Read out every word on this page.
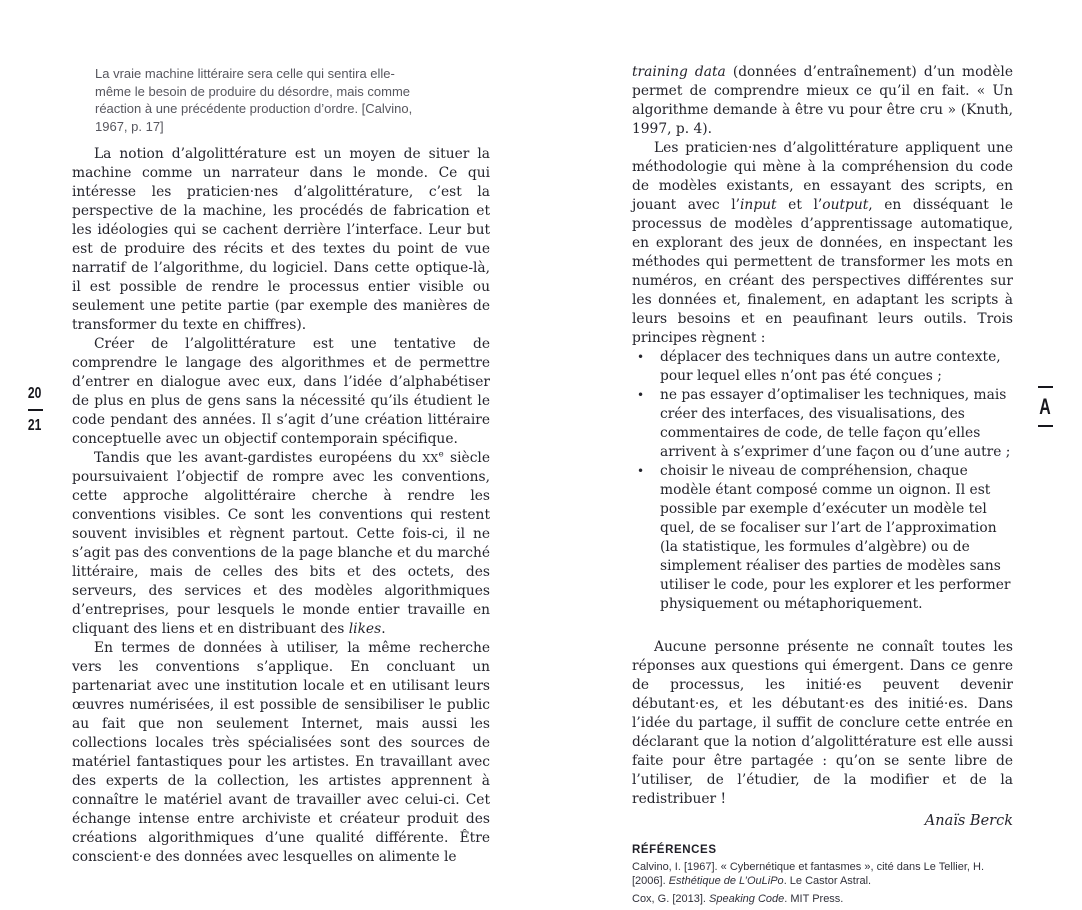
20
21
La vraie machine littéraire sera celle qui sentira elle-même le besoin de produire du désordre, mais comme réaction à une précédente production d’ordre. [Calvino, 1967, p. 17]

La notion d’algolittérature est un moyen de situer la machine comme un narrateur dans le monde. Ce qui intéresse les praticien·nes d’algolittérature, c’est la perspective de la machine, les procédés de fabrication et les idéologies qui se cachent derrière l’interface. Leur but est de produire des récits et des textes du point de vue narratif de l’algorithme, du logiciel. Dans cette optique-là, il est possible de rendre le processus entier visible ou seulement une petite partie (par exemple des manières de transformer du texte en chiffres).

Créer de l’algolittérature est une tentative de comprendre le langage des algorithmes et de permettre d’entrer en dialogue avec eux, dans l’idée d’alphabétiser de plus en plus de gens sans la nécessité qu’ils étudient le code pendant des années. Il s’agit d’une création littéraire conceptuelle avec un objectif contemporain spécifique.

Tandis que les avant-gardistes européens du XXe siècle poursuivaient l’objectif de rompre avec les conventions, cette approche algolittéraire cherche à rendre les conventions visibles. Ce sont les conventions qui restent souvent invisibles et règnent partout. Cette fois-ci, il ne s’agit pas des conventions de la page blanche et du marché littéraire, mais de celles des bits et des octets, des serveurs, des services et des modèles algorithmiques d’entreprises, pour lesquels le monde entier travaille en cliquant des liens et en distribuant des likes.

En termes de données à utiliser, la même recherche vers les conventions s’applique. En concluant un partenariat avec une institution locale et en utilisant leurs œuvres numérisées, il est possible de sensibiliser le public au fait que non seulement Internet, mais aussi les collections locales très spécialisées sont des sources de matériel fantastiques pour les artistes. En travaillant avec des experts de la collection, les artistes apprennent à connaître le matériel avant de travailler avec celui-ci. Cet échange intense entre archiviste et créateur produit des créations algorithmiques d’une qualité différente. Être conscient·e des données avec lesquelles on alimente le

training data (données d’entraînement) d’un modèle permet de comprendre mieux ce qu’il en fait. « Un algorithme demande à être vu pour être cru » (Knuth, 1997, p. 4).

Les praticien·nes d’algolittérature appliquent une méthodologie qui mène à la compréhension du code de modèles existants, en essayant des scripts, en jouant avec l’input et l’output, en disséquant le processus de modèles d’apprentissage automatique, en explorant des jeux de données, en inspectant les méthodes qui permettent de transformer les mots en numéros, en créant des perspectives différentes sur les données et, finalement, en adaptant les scripts à leurs besoins et en peaufinant leurs outils. Trois principes règnent :

•	déplacer des techniques dans un autre contexte, pour lequel elles n’ont pas été conçues ;
•	ne pas essayer d’optimaliser les techniques, mais créer des interfaces, des visualisations, des commentaires de code, de telle façon qu’elles arrivent à s’exprimer d’une façon ou d’une autre ;
•	choisir le niveau de compréhension, chaque modèle étant composé comme un oignon. Il est possible par exemple d’exécuter un modèle tel quel, de se focaliser sur l’art de l’approximation (la statistique, les formules d’algèbre) ou de simplement réaliser des parties de modèles sans utiliser le code, pour les explorer et les performer physiquement ou métaphoriquement.

Aucune personne présente ne connaît toutes les réponses aux questions qui émergent. Dans ce genre de processus, les initié·es peuvent devenir débutant·es, et les débutant·es des initié·es. Dans l’idée du partage, il suffit de conclure cette entrée en déclarant que la notion d’algolittérature est elle aussi faite pour être partagée : qu’on se sente libre de l’utiliser, de l’étudier, de la modifier et de la redistribuer !

Anaïs Berck
RÉFÉRENCES

Calvino, I. [1967]. « Cybernétique et fantasmes », cité dans Le Tellier, H. [2006]. Esthétique de L’OuLiPo. Le Castor Astral.

Cox, G. [2013]. Speaking Code. MIT Press.

A
